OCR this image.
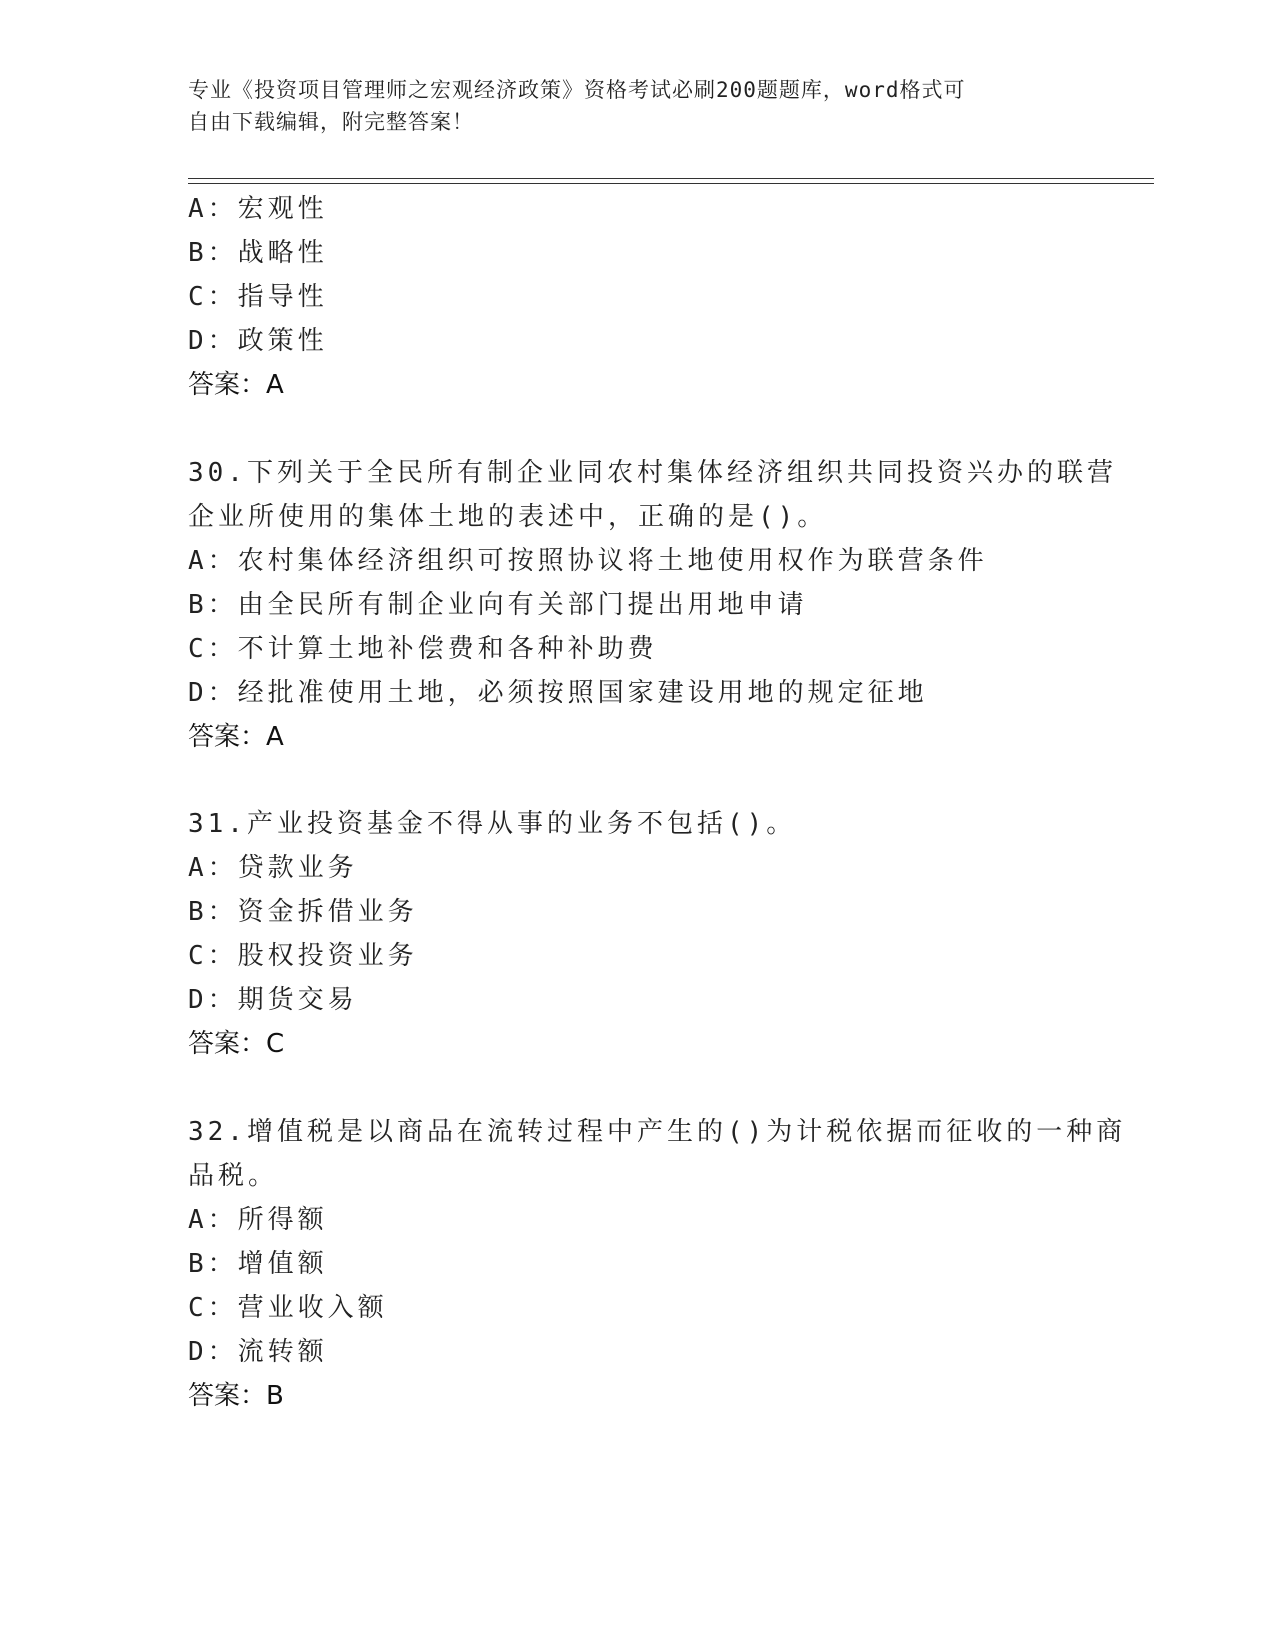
专业《投资项目管理师之宏观经济政策》资格考试必刷200题题库，word格式可
自由下载编辑，附完整答案！
A：宏观性
B：战略性
C：指导性
D：政策性
答案：A
30.下列关于全民所有制企业同农村集体经济组织共同投资兴办的联营
企业所使用的集体土地的表述中，正确的是()。
A：农村集体经济组织可按照协议将土地使用权作为联营条件
B：由全民所有制企业向有关部门提出用地申请
C：不计算土地补偿费和各种补助费
D：经批准使用土地，必须按照国家建设用地的规定征地
答案：A
31.产业投资基金不得从事的业务不包括()。
A：贷款业务
B：资金拆借业务
C：股权投资业务
D：期货交易
答案：C
32.增值税是以商品在流转过程中产生的()为计税依据而征收的一种商
品税。
A：所得额
B：增值额
C：营业收入额
D：流转额
答案：B
